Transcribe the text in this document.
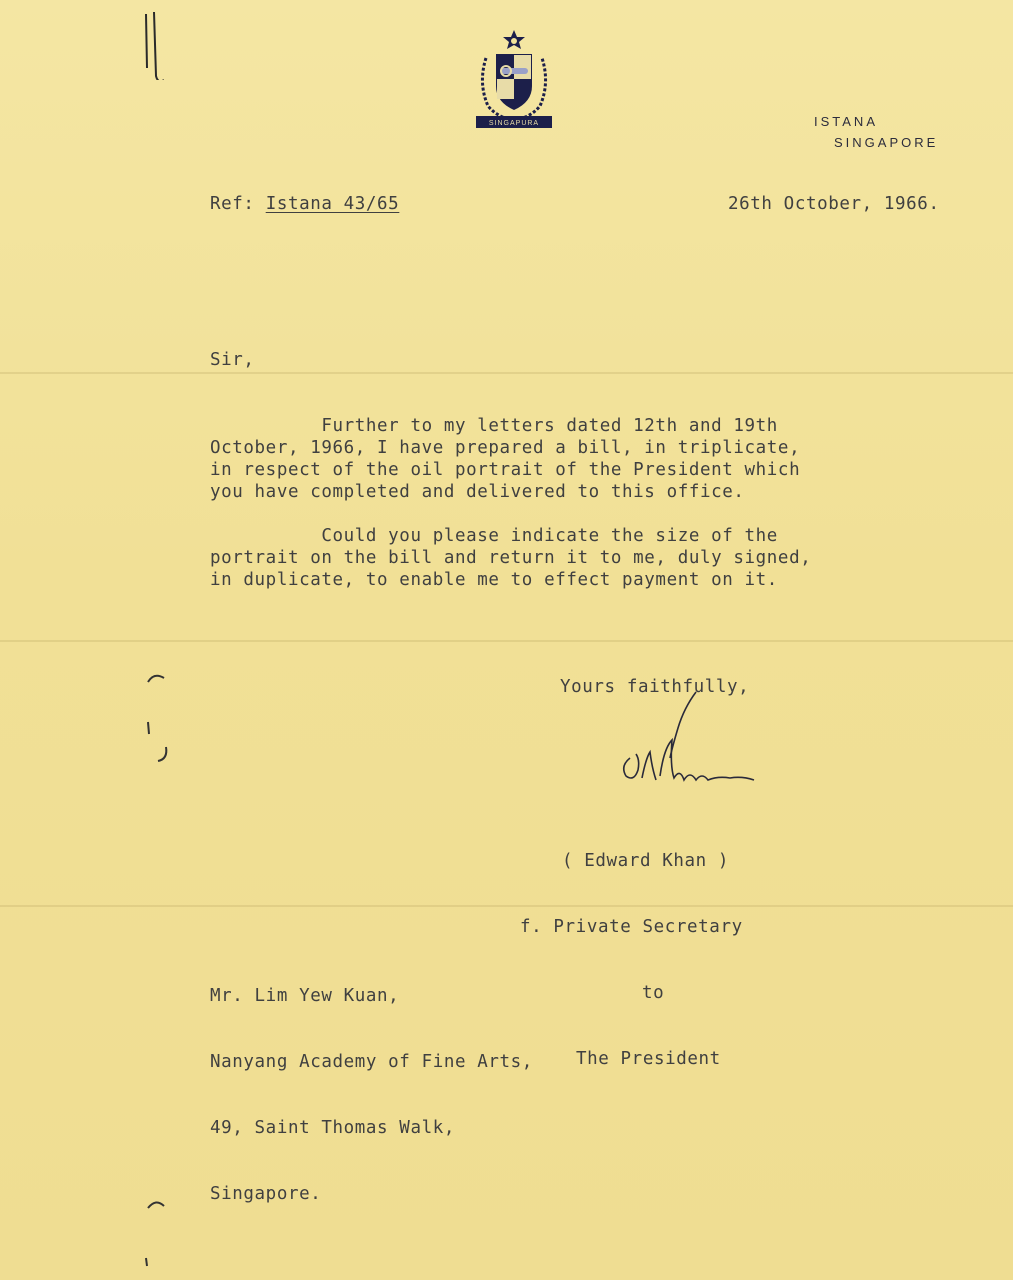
SINGAPURA	ISTANA
SINGAPORE
Ref: Istana 43/65	26th October, 1966.
Sir,
Further to my letters dated 12th and 19th
October, 1966, I have prepared a bill, in triplicate,
in respect of the oil portrait of the President which
you have completed and delivered to this office.
Could you please indicate the size of the
portrait on the bill and return it to me, duly signed,
in duplicate, to enable me to effect payment on it.
Yours faithfully,

( Edward Khan )

f. Private Secretary

to

The President

Mr. Lim Yew Kuan,

Nanyang Academy of Fine Arts,

49, Saint Thomas Walk,

Singapore.
